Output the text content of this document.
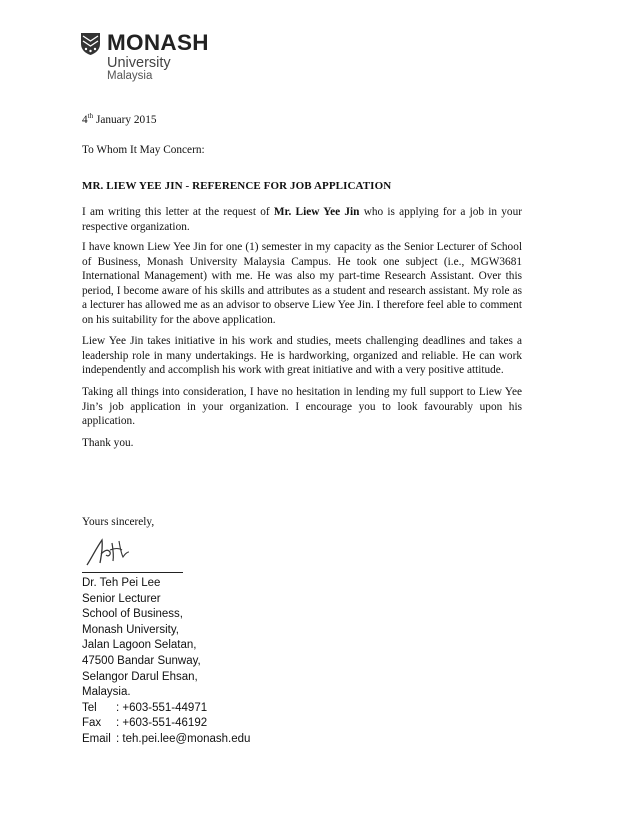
MONASH
University
Malaysia

4th January 2015

To Whom It May Concern:

MR. LIEW YEE JIN - REFERENCE FOR JOB APPLICATION

I am writing this letter at the request of Mr. Liew Yee Jin who is applying for a job in your respective organization.

I have known Liew Yee Jin for one (1) semester in my capacity as the Senior Lecturer of School of Business, Monash University Malaysia Campus. He took one subject (i.e., MGW3681 International Management) with me. He was also my part-time Research Assistant. Over this period, I become aware of his skills and attributes as a student and research assistant. My role as a lecturer has allowed me as an advisor to observe Liew Yee Jin. I therefore feel able to comment on his suitability for the above application.

Liew Yee Jin takes initiative in his work and studies, meets challenging deadlines and takes a leadership role in many undertakings. He is hardworking, organized and reliable. He can work independently and accomplish his work with great initiative and with a very positive attitude.

Taking all things into consideration, I have no hesitation in lending my full support to Liew Yee Jin’s job application in your organization. I encourage you to look favourably upon his application.

Thank you.

Yours sincerely,

Dr. Teh Pei Lee
Senior Lecturer
School of Business,
Monash University,
Jalan Lagoon Selatan,
47500 Bandar Sunway,
Selangor Darul Ehsan,
Malaysia.
Tel : +603-551-44971
Fax : +603-551-46192
Email : teh.pei.lee@monash.edu
